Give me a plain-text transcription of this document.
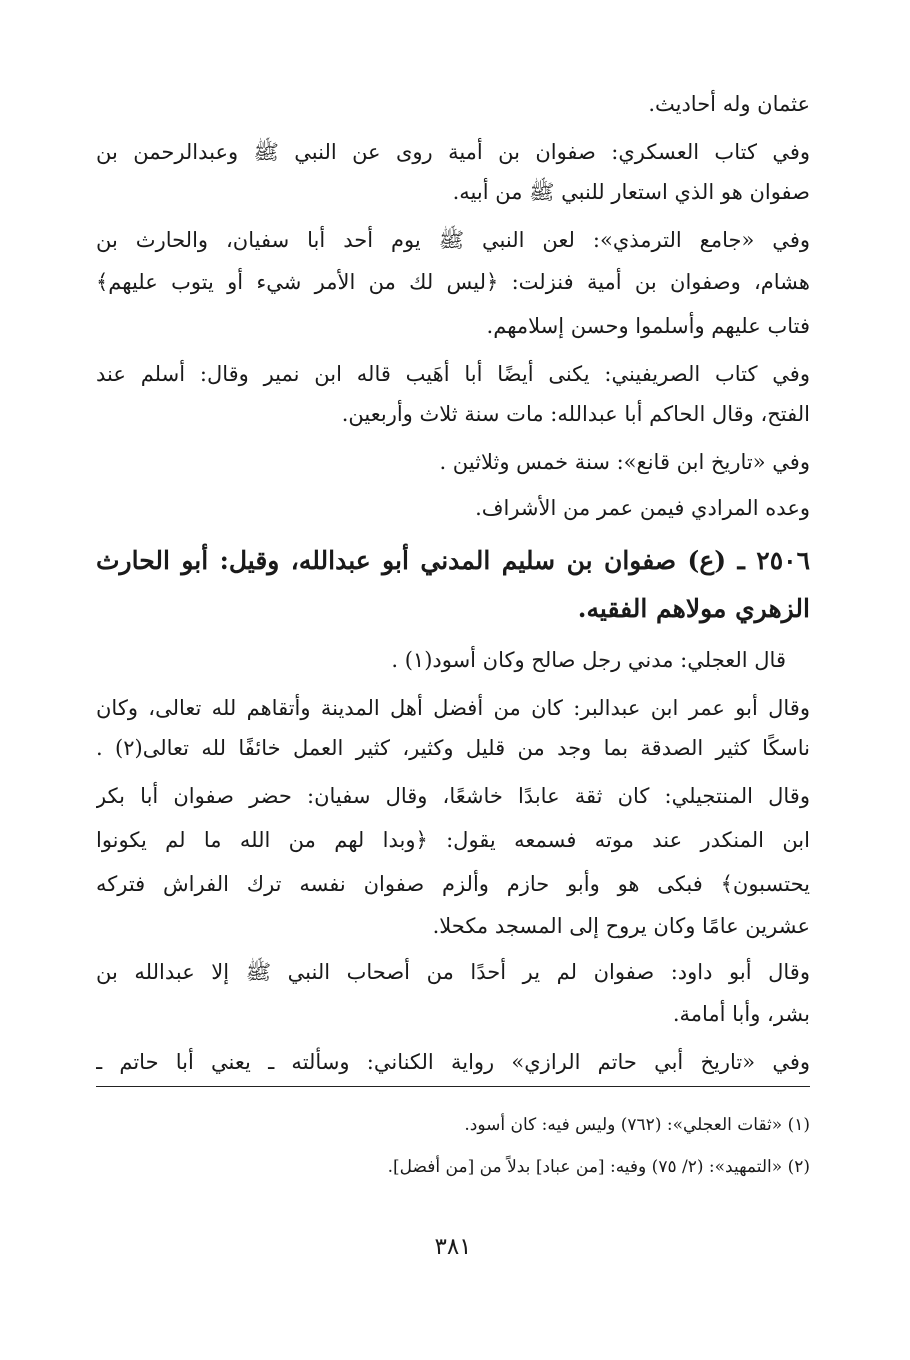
عثمان وله أحاديث.
وفي كتاب العسكري: صفوان بن أمية روى عن النبي ﷺ وعبدالرحمن بن
صفوان هو الذي استعار للنبي ﷺ من أبيه.
وفي «جامع الترمذي»: لعن النبي ﷺ يوم أحد أبا سفيان، والحارث بن
هشام، وصفوان بن أمية فنزلت: ﴿ليس لك من الأمر شيء أو يتوب عليهم﴾
فتاب عليهم وأسلموا وحسن إسلامهم.
وفي كتاب الصريفيني: يكنى أيضًا أبا أهَيب قاله ابن نمير وقال: أسلم عند
الفتح، وقال الحاكم أبا عبدالله: مات سنة ثلاث وأربعين.
وفي «تاريخ ابن قانع»: سنة خمس وثلاثين .
وعده المرادي فيمن عمر من الأشراف.
٢٥٠٦ ـ (ع) صفوان بن سليم المدني أبو عبدالله، وقيل: أبو الحارث
الزهري مولاهم الفقيه.
قال العجلي: مدني رجل صالح وكان أسود(١) .
وقال أبو عمر ابن عبدالبر: كان من أفضل أهل المدينة وأتقاهم لله تعالى، وكان
ناسكًا كثير الصدقة بما وجد من قليل وكثير، كثير العمل خائفًا لله تعالى(٢) .
وقال المنتجيلي: كان ثقة عابدًا خاشعًا، وقال سفيان: حضر صفوان أبا بكر
ابن المنكدر عند موته فسمعه يقول: ﴿وبدا لهم من الله ما لم يكونوا
يحتسبون﴾ فبكى هو وأبو حازم وألزم صفوان نفسه ترك الفراش فتركه
عشرين عامًا وكان يروح إلى المسجد مكحلا.
وقال أبو داود: صفوان لم ير أحدًا من أصحاب النبي ﷺ إلا عبدالله بن
بشر، وأبا أمامة.
وفي «تاريخ أبي حاتم الرازي» رواية الكناني: وسألته ـ يعني أبا حاتم ـ
(١) «ثقات العجلي»: (٧٦٢) وليس فيه: كان أسود.
(٢) «التمهيد»: (٢/ ٧٥) وفيه: [من عباد] بدلاً من [من أفضل].
٣٨١
